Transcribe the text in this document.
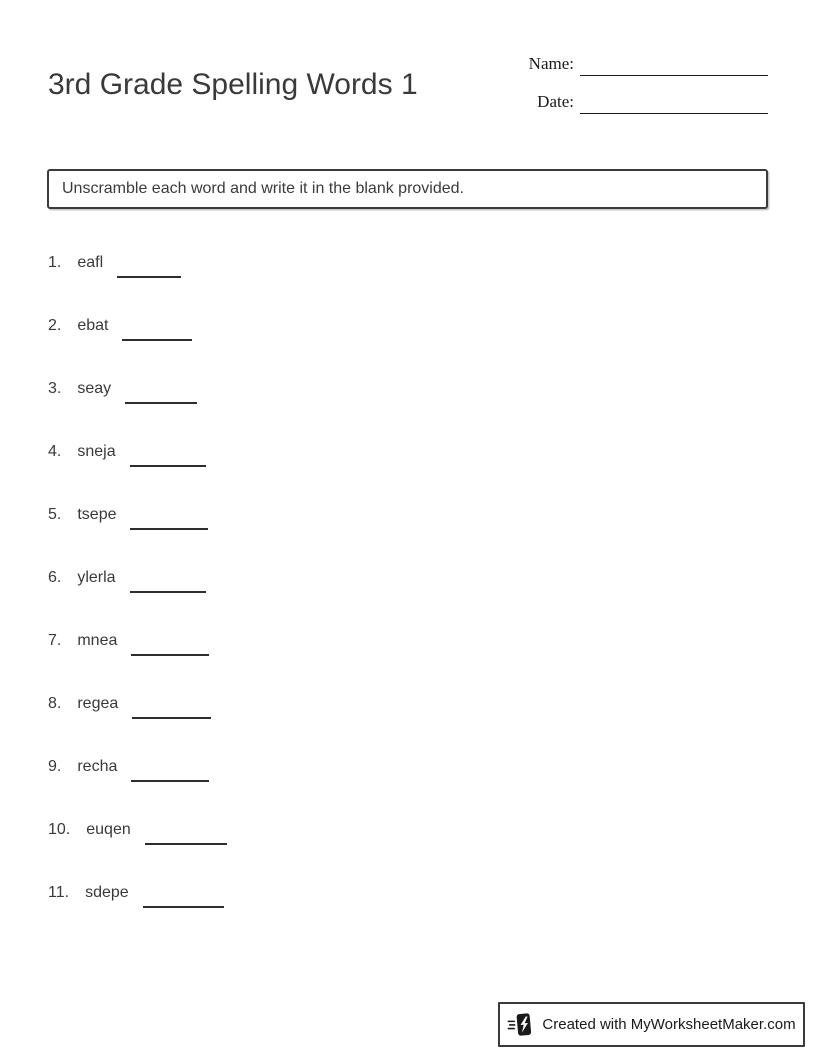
3rd Grade Spelling Words 1
Name:
Date:
Unscramble each word and write it in the blank provided.
1. eafl
2. ebat
3. seay
4. sneja
5. tsepe
6. ylerla
7. mnea
8. regea
9. recha
10. euqen
11. sdepe
Created with MyWorksheetMaker.com
